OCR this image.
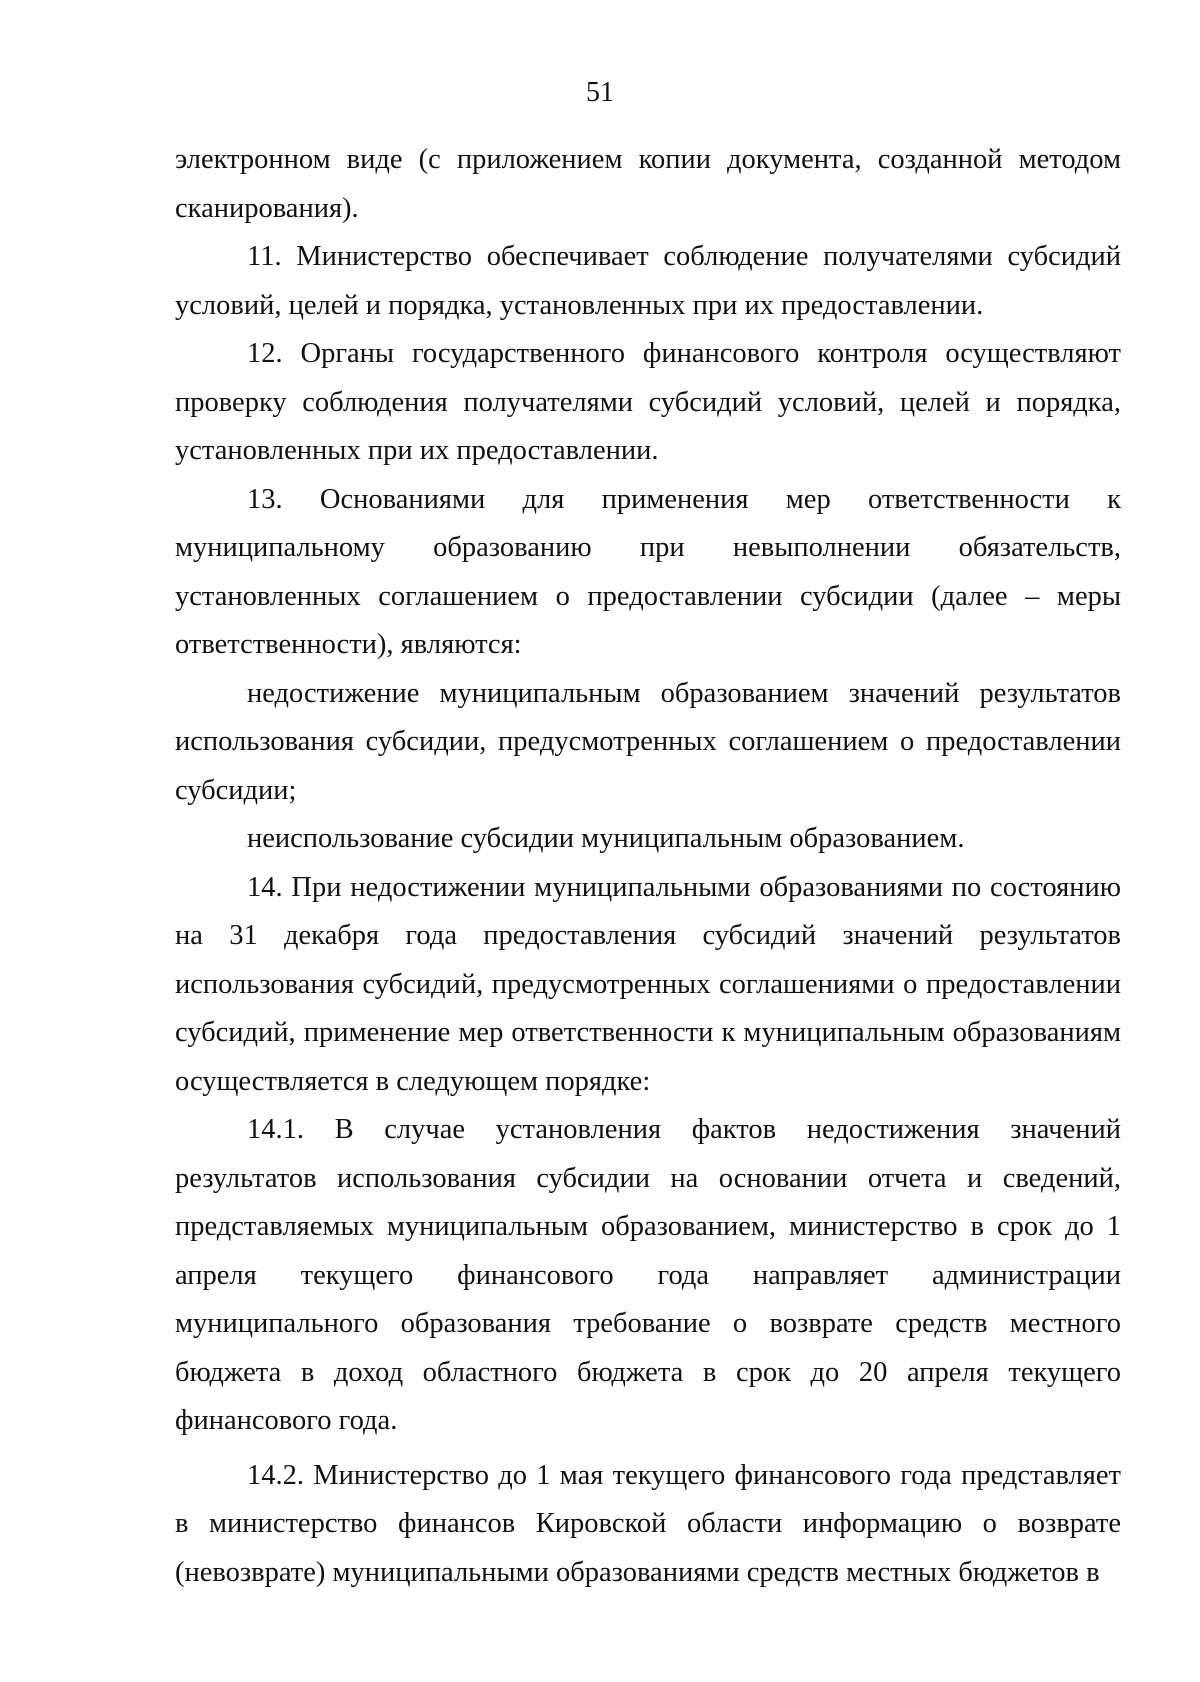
51

электронном виде (с приложением копии документа, созданной методом сканирования).

11. Министерство обеспечивает соблюдение получателями субсидий условий, целей и порядка, установленных при их предоставлении.

12. Органы государственного финансового контроля осуществляют проверку соблюдения получателями субсидий условий, целей и порядка, установленных при их предоставлении.

13. Основаниями для применения мер ответственности к муниципальному образованию при невыполнении обязательств, установленных соглашением о предоставлении субсидии (далее – меры ответственности), являются:

недостижение муниципальным образованием значений результатов использования субсидии, предусмотренных соглашением о предоставлении субсидии;

неиспользование субсидии муниципальным образованием.

14. При недостижении муниципальными образованиями по состоянию на 31 декабря года предоставления субсидий значений результатов использования субсидий, предусмотренных соглашениями о предоставлении субсидий, применение мер ответственности к муниципальным образованиям осуществляется в следующем порядке:

14.1. В случае установления фактов недостижения значений результатов использования субсидии на основании отчета и сведений, представляемых муниципальным образованием, министерство в срок до 1 апреля текущего финансового года направляет администрации муниципального образования требование о возврате средств местного бюджета в доход областного бюджета в срок до 20 апреля текущего финансового года.

14.2. Министерство до 1 мая текущего финансового года представляет в министерство финансов Кировской области информацию о возврате (невозврате) муниципальными образованиями средств местных бюджетов в
